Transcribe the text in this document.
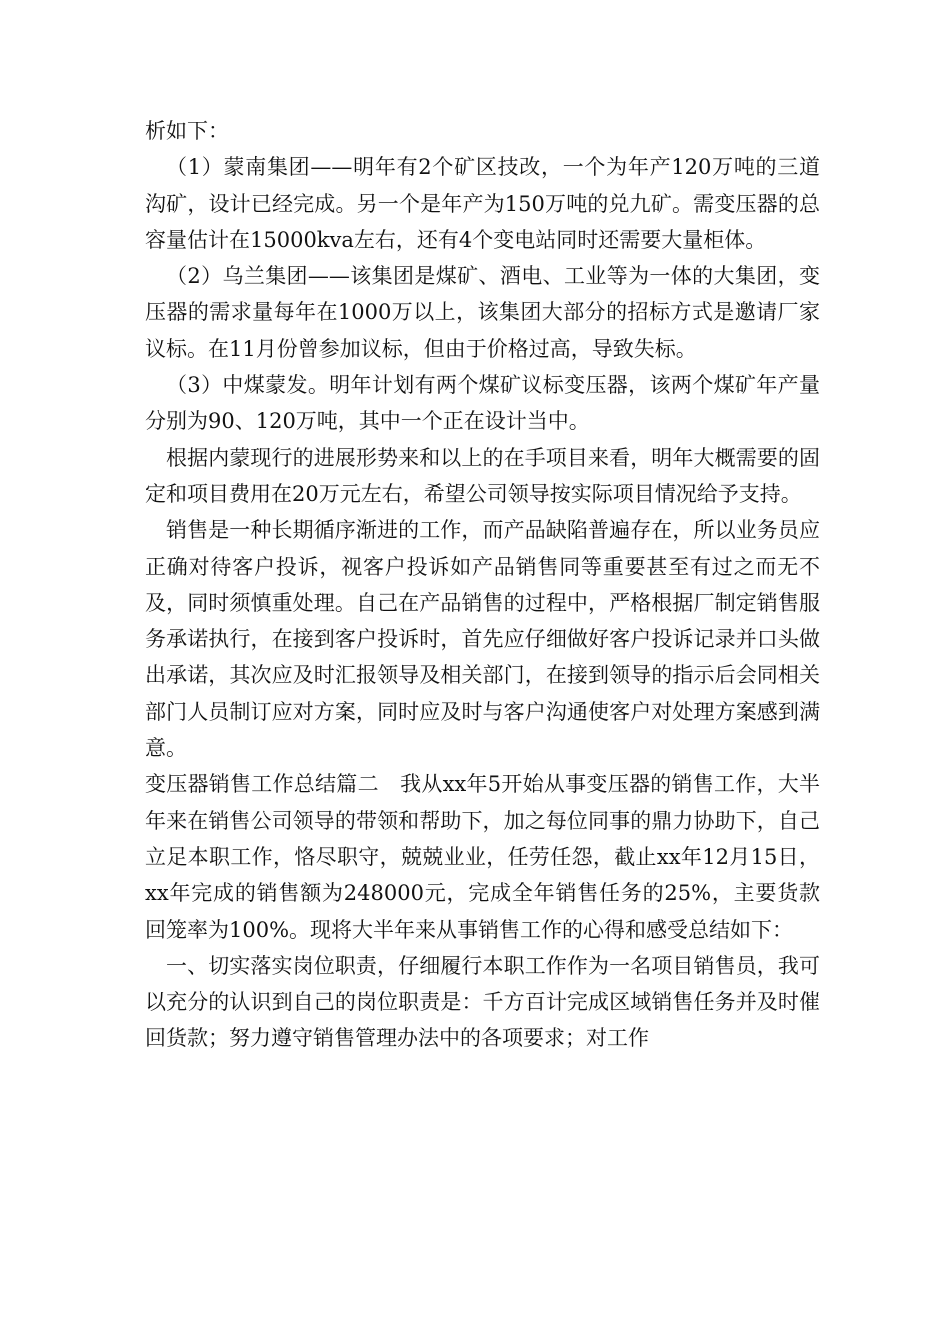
析如下：

（1）蒙南集团——明年有2个矿区技改，一个为年产120万吨的三道沟矿，设计已经完成。另一个是年产为150万吨的兑九矿。需变压器的总容量估计在15000kva左右，还有4个变电站同时还需要大量柜体。

（2）乌兰集团——该集团是煤矿、酒电、工业等为一体的大集团，变压器的需求量每年在1000万以上，该集团大部分的招标方式是邀请厂家议标。在11月份曾参加议标，但由于价格过高，导致失标。

（3）中煤蒙发。明年计划有两个煤矿议标变压器，该两个煤矿年产量分别为90、120万吨，其中一个正在设计当中。

根据内蒙现行的进展形势来和以上的在手项目来看，明年大概需要的固定和项目费用在20万元左右，希望公司领导按实际项目情况给予支持。

销售是一种长期循序渐进的工作，而产品缺陷普遍存在，所以业务员应正确对待客户投诉，视客户投诉如产品销售同等重要甚至有过之而无不及，同时须慎重处理。自己在产品销售的过程中，严格根据厂制定销售服务承诺执行，在接到客户投诉时，首先应仔细做好客户投诉记录并口头做出承诺，其次应及时汇报领导及相关部门，在接到领导的指示后会同相关部门人员制订应对方案，同时应及时与客户沟通使客户对处理方案感到满意。

变压器销售工作总结篇二　我从xx年5开始从事变压器的销售工作，大半年来在销售公司领导的带领和帮助下，加之每位同事的鼎力协助下，自己立足本职工作，恪尽职守，兢兢业业，任劳任怨，截止xx年12月15日，xx年完成的销售额为248000元，完成全年销售任务的25%，主要货款回笼率为100%。现将大半年来从事销售工作的心得和感受总结如下：

一、切实落实岗位职责，仔细履行本职工作作为一名项目销售员，我可以充分的认识到自己的岗位职责是：千方百计完成区域销售任务并及时催回货款；努力遵守销售管理办法中的各项要求；对工作
